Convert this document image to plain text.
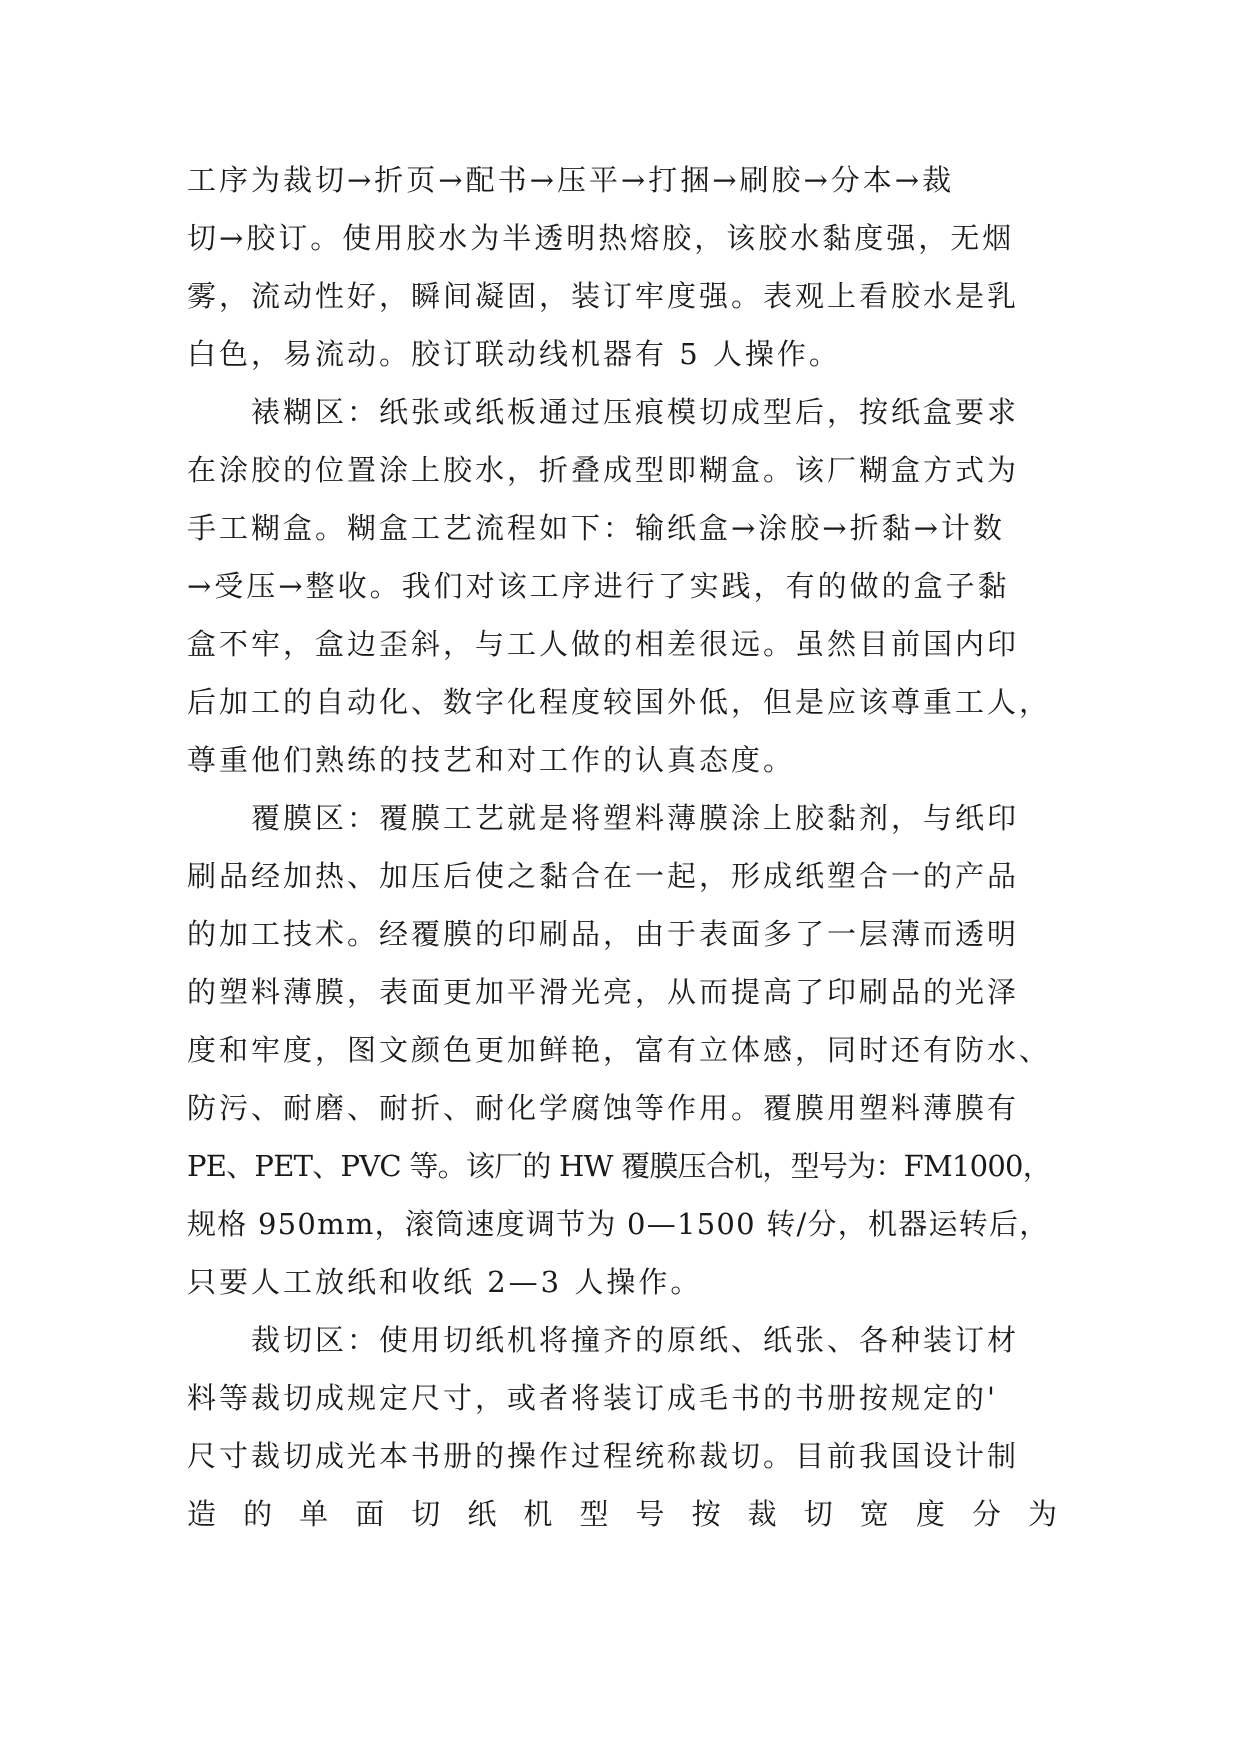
工序为裁切→折页→配书→压平→打捆→刷胶→分本→裁
切→胶订。使用胶水为半透明热熔胶，该胶水黏度强，无烟
雾，流动性好，瞬间凝固，装订牢度强。表观上看胶水是乳
白色，易流动。胶订联动线机器有 5 人操作。
裱糊区：纸张或纸板通过压痕模切成型后，按纸盒要求
在涂胶的位置涂上胶水，折叠成型即糊盒。该厂糊盒方式为
手工糊盒。糊盒工艺流程如下：输纸盒→涂胶→折黏→计数
→受压→整收。我们对该工序进行了实践，有的做的盒子黏
盒不牢，盒边歪斜，与工人做的相差很远。虽然目前国内印
后加工的自动化、数字化程度较国外低，但是应该尊重工人，
尊重他们熟练的技艺和对工作的认真态度。
覆膜区：覆膜工艺就是将塑料薄膜涂上胶黏剂，与纸印
刷品经加热、加压后使之黏合在一起，形成纸塑合一的产品
的加工技术。经覆膜的印刷品，由于表面多了一层薄而透明
的塑料薄膜，表面更加平滑光亮，从而提高了印刷品的光泽
度和牢度，图文颜色更加鲜艳，富有立体感，同时还有防水、
防污、耐磨、耐折、耐化学腐蚀等作用。覆膜用塑料薄膜有
PE、PET、PVC 等。该厂的 HW 覆膜压合机，型号为：FM1000，
规格 950mm，滚筒速度调节为 0—1500 转/分，机器运转后，
只要人工放纸和收纸 2—3 人操作。
裁切区：使用切纸机将撞齐的原纸、纸张、各种装订材
料等裁切成规定尺寸，或者将装订成毛书的书册按规定的'
尺寸裁切成光本书册的操作过程统称裁切。目前我国设计制
造 的 单 面 切 纸 机 型 号 按 裁 切 宽 度 分 为
